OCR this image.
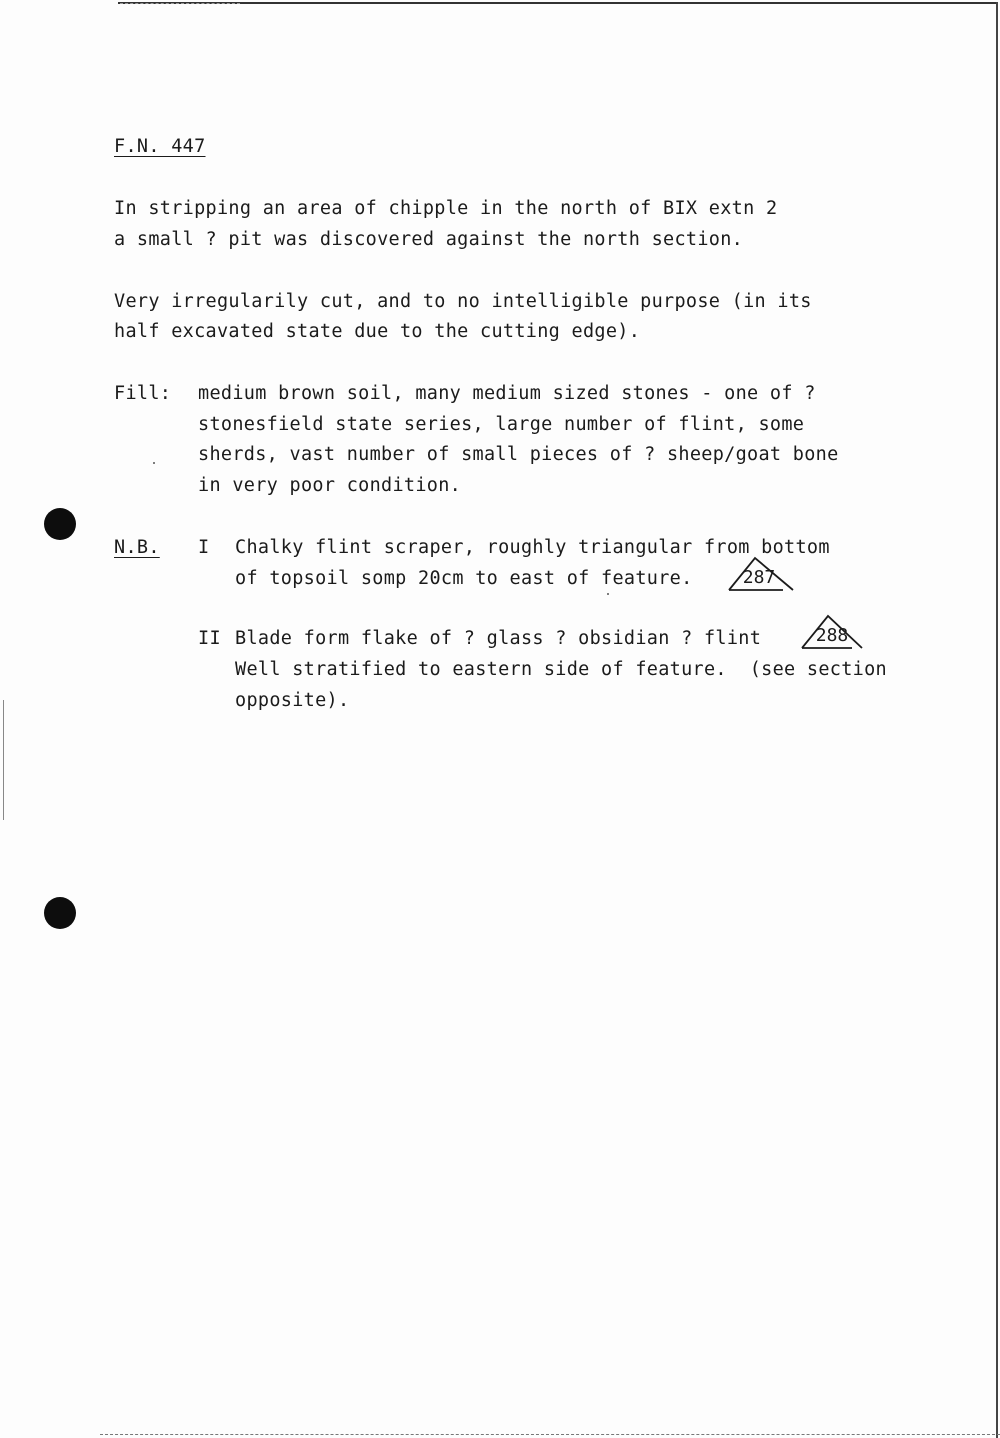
F.N. 447
In stripping an area of chipple in the north of BIX extn 2
a small ? pit was discovered against the north section.
Very irregularily cut, and to no intelligible purpose (in its
half excavated state due to the cutting edge).
Fill: medium brown soil, many medium sized stones - one of ?
stonesfield state series, large number of flint, some
sherds, vast number of small pieces of ? sheep/goat bone
in very poor condition.
N.B. I Chalky flint scraper, roughly triangular from bottom
of topsoil somp 20cm to east of feature.	287
II Blade form flake of ? glass ? obsidian ? flint
Well stratified to eastern side of feature.  (see section
opposite).
288
